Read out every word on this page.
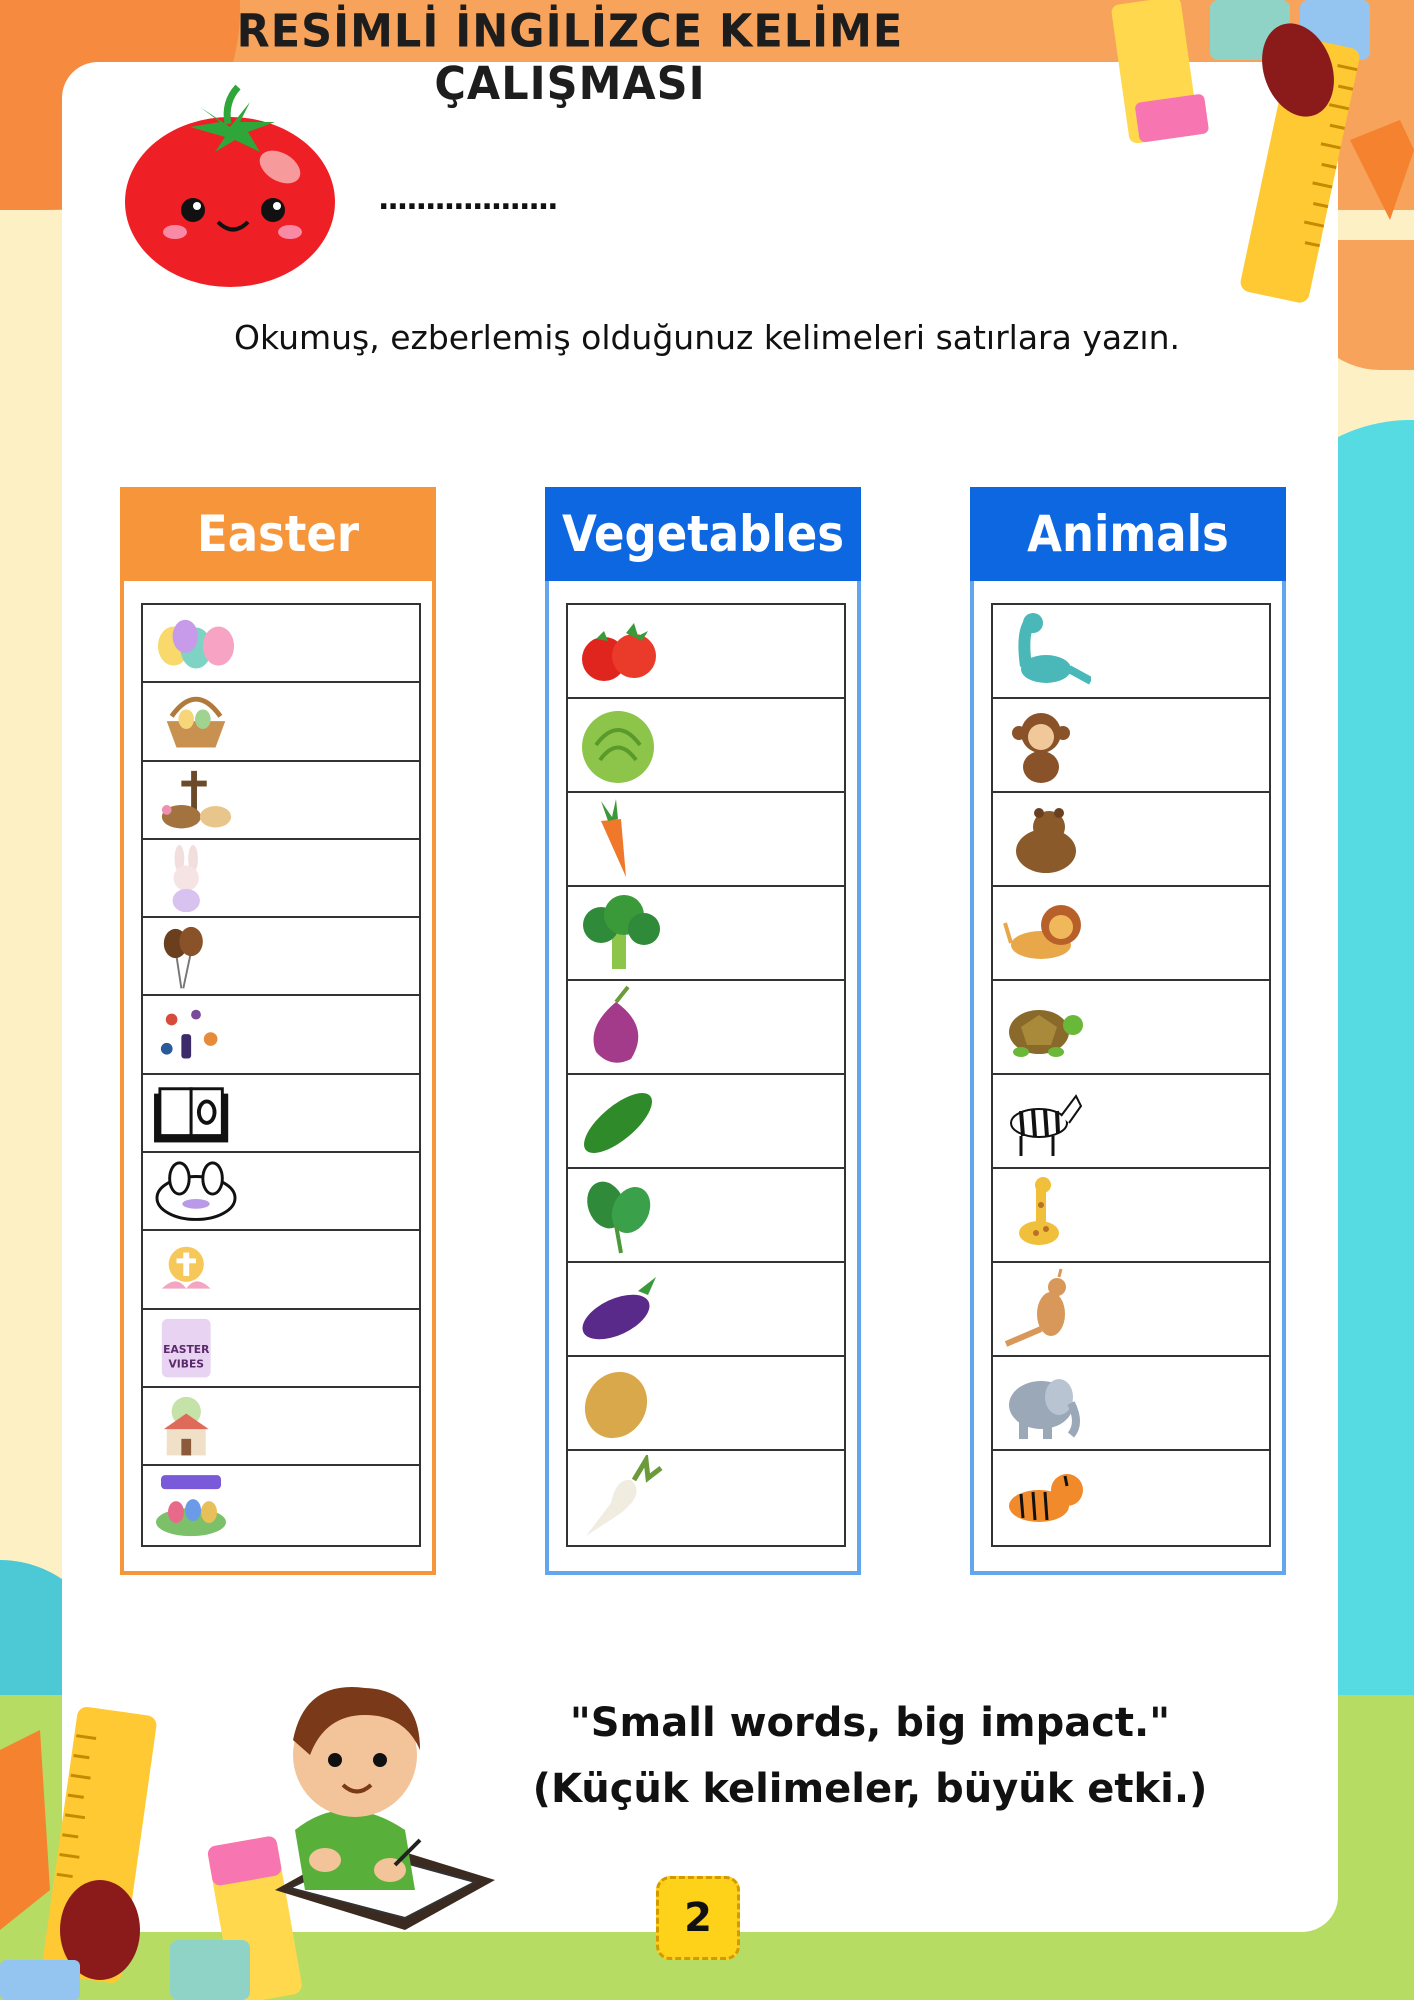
RESİMLİ İNGİLİZCE KELİME ÇALIŞMASI
...................
Okumuş, ezberlemiş olduğunuz kelimeleri satırlara yazın.
Easter
EASTER
VIBES
Vegetables	Animals
"Small words, big impact."
(Küçük kelimeler, büyük etki.)
2
